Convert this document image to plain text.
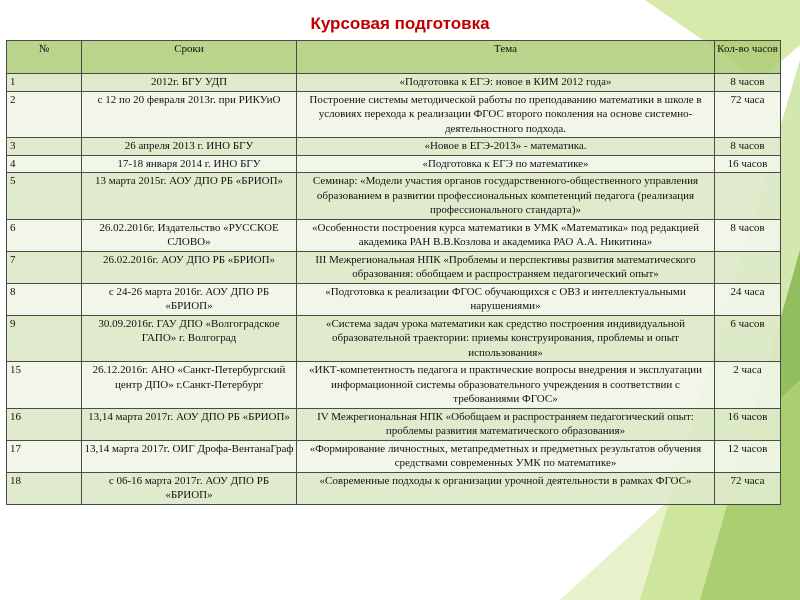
Курсовая подготовка
№	Сроки	Тема	Кол-во часов
1	2012г. БГУ УДП	«Подготовка к ЕГЭ: новое в КИМ 2012 года»	8 часов
2	с 12 по 20 февраля 2013г. при РИКУиО	Построение системы методической работы по преподаванию математики в школе в условиях перехода к реализации ФГОС второго поколения на основе системно-деятельностного подхода.	72 часа
3	26 апреля 2013 г. ИНО БГУ	«Новое в ЕГЭ-2013» - математика.	8 часов
4	17-18 января 2014 г. ИНО БГУ	«Подготовка к ЕГЭ по математике»	16 часов
5	13 марта 2015г. АОУ ДПО РБ «БРИОП»	Семинар: «Модели участия органов государственного-общественного управления образованием в развитии профессиональных компетенций педагога (реализация профессионального стандарта)»	
6	26.02.2016г. Издательство «РУССКОЕ СЛОВО»	«Особенности построения курса математики в УМК «Математика» под редакцией академика РАН В.В.Козлова и академика РАО А.А. Никитина»	8 часов
7	26.02.2016г. АОУ ДПО РБ «БРИОП»	III Межрегиональная НПК «Проблемы и перспективы развития математического образования: обобщаем и распространяем педагогический опыт»	
8	с 24-26 марта 2016г. АОУ ДПО РБ «БРИОП»	«Подготовка к реализации ФГОС обучающихся с ОВЗ и интеллектуальными нарушениями»	24 часа
9	30.09.2016г. ГАУ ДПО «Волгоградское ГАПО» г. Волгоград	«Система задач урока математики как средство построения индивидуальной образовательной траектории: приемы конструирования, проблемы и опыт использования»	6 часов
15	26.12.2016г. АНО «Санкт-Петербургский центр ДПО» г.Санкт-Петербург	«ИКТ-компетентность педагога и практические вопросы внедрения и эксплуатации информационной системы образовательного учреждения в соответствии с требованиями ФГОС»	2 часа
16	13,14 марта 2017г. АОУ ДПО РБ «БРИОП»	IV Межрегиональная НПК «Обобщаем и распространяем педагогический опыт: проблемы развития математического образования»	16 часов
17	13,14 марта 2017г. ОИГ Дрофа-ВентанаГраф	«Формирование личностных, метапредметных и предметных результатов обучения средствами современных УМК по математике»	12 часов
18	с 06-16 марта 2017г. АОУ ДПО РБ «БРИОП»	«Современные подходы к организации урочной деятельности в рамках ФГОС»	72 часа
